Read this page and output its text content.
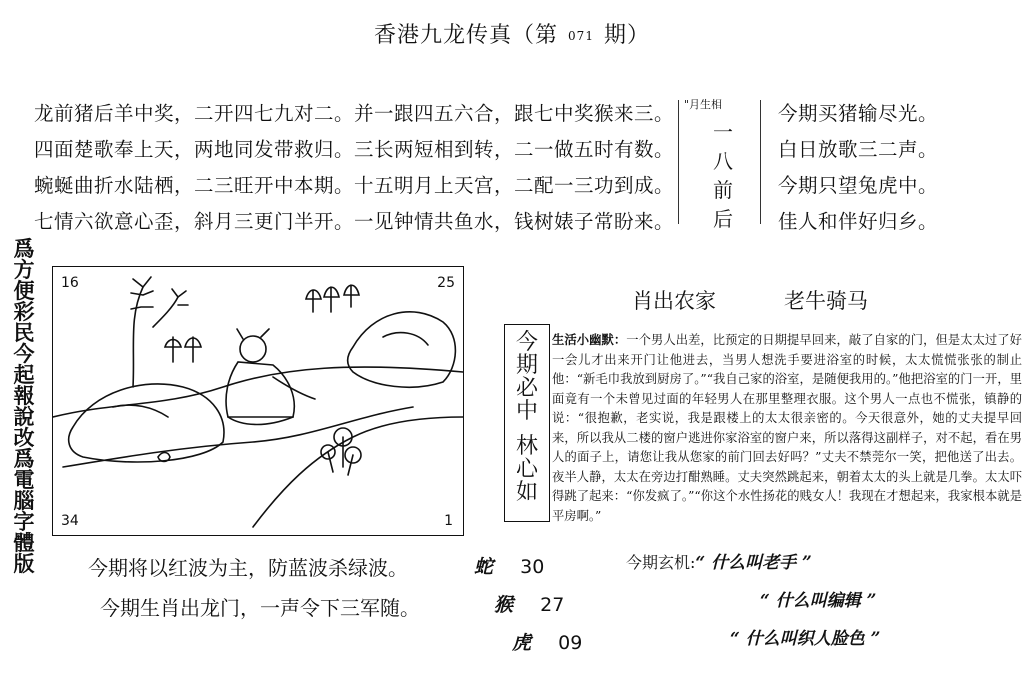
香港九龙传真（第 071 期）
龙前猪后羊中奖，二开四七九对二。并一跟四五六合，跟七中奖猴来三。
四面楚歌奉上天，两地同发带救归。三长两短相到转，二一做五时有数。
蜿蜒曲折水陆栖，二三旺开中本期。十五明月上天宫，二配一三功到成。
七情六欲意心歪，斜月三更门半开。一见钟情共鱼水，钱树婊子常盼来。
今期买猪输尽光。
白日放歌三二声。
今期只望兔虎中。
佳人和伴好归乡。
"月生相
一
八
前
后
爲
方
便
彩
民
今
起
報
說
改
爲
電
腦
字
體
版
16	25
34	1
肖出农家	老牛骑马
今
期
必
中
林
心
如
生活小幽默：一个男人出差，比预定的日期提早回来，敲了自家的门，但是太太过了好一会儿才出来开门让他进去，当男人想洗手要进浴室的时候，太太慌慌张张的制止他：“新毛巾我放到厨房了。”“我自己家的浴室，是随便我用的。”他把浴室的门一开，里面竟有一个未曾见过面的年轻男人在那里整理衣服。这个男人一点也不慌张，镇静的说：“很抱歉，老实说，我是跟楼上的太太很亲密的。今天很意外，她的丈夫提早回来，所以我从二楼的窗户逃进你家浴室的窗户来，所以落得这副样子，对不起，看在男人的面子上，请您让我从您家的前门回去好吗？”丈夫不禁莞尔一笑，把他送了出去。夜半人静，太太在旁边打酣熟睡。丈夫突然跳起来，朝着太太的头上就是几拳。太太吓得跳了起来：“你发疯了。”“你这个水性扬花的贱女人！我现在才想起来，我家根本就是平房啊。”
今期将以红波为主，防蓝波杀绿波。
今期生肖出龙门，一声令下三军随。
蛇 30
猴 27
虎 09
今期玄机:“ 什么叫老手 ”
“ 什么叫编辑 ”
“ 什么叫织人脸色 ”
